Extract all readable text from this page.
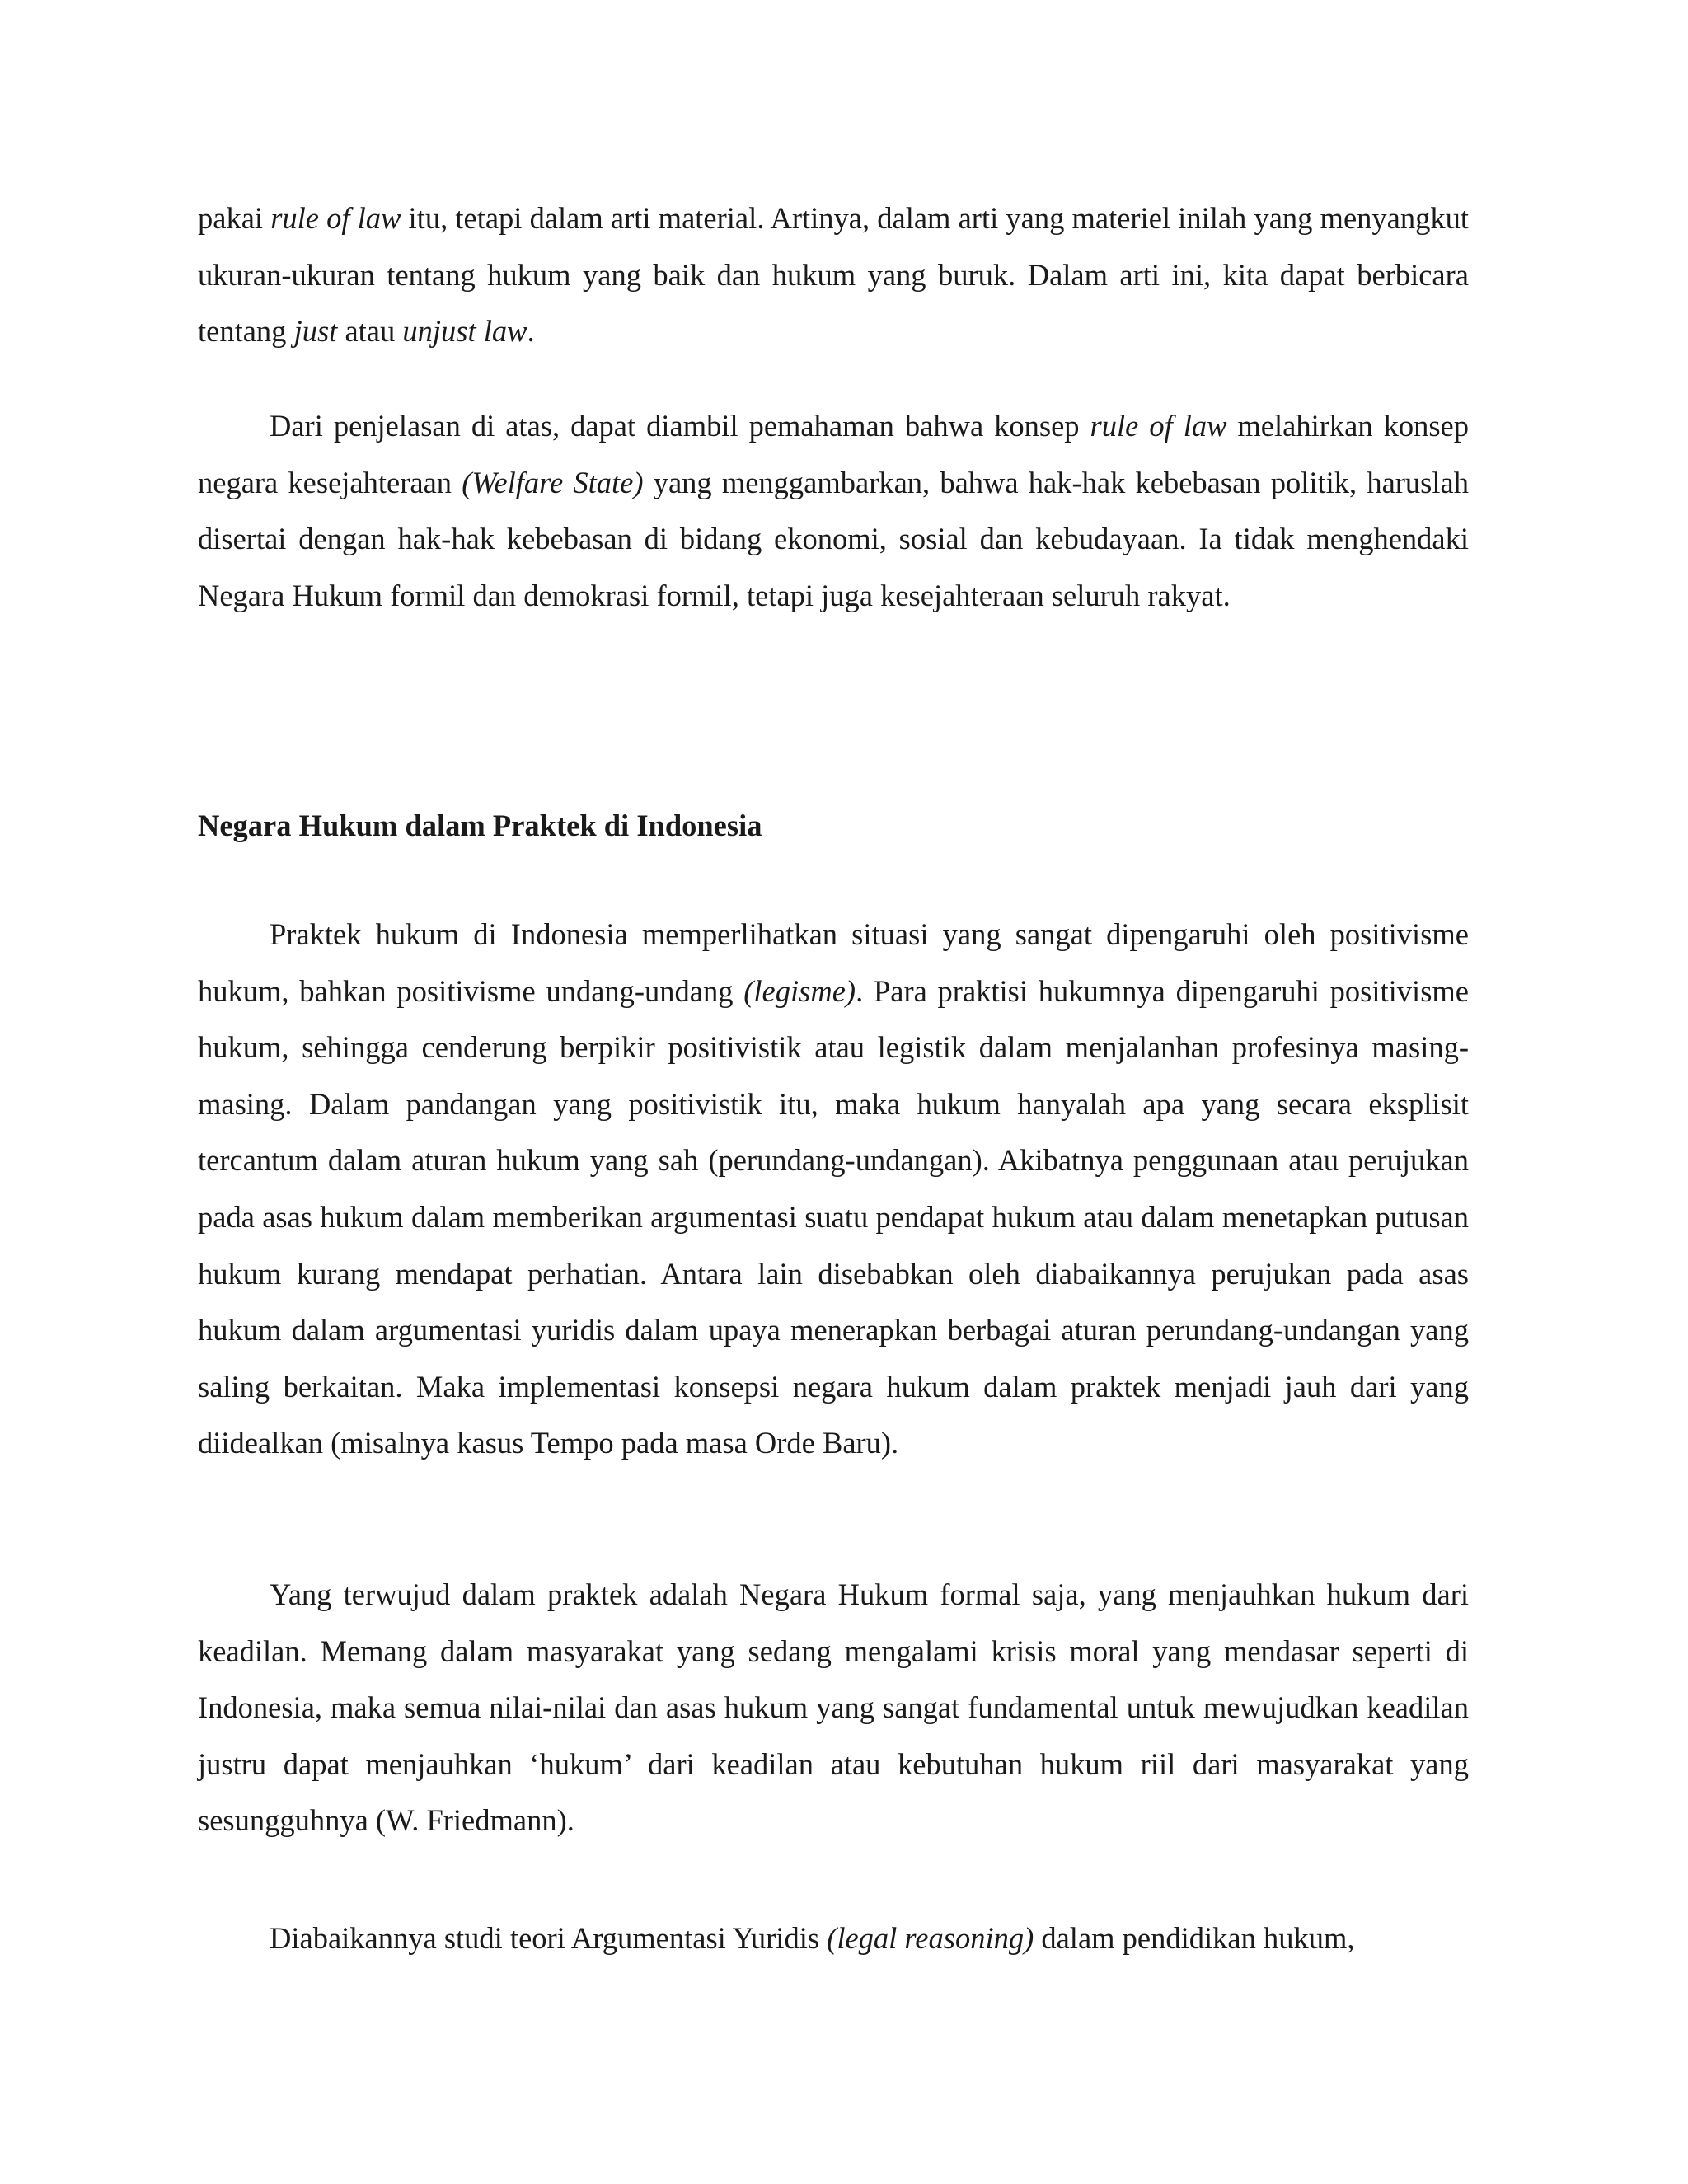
pakai rule of law itu, tetapi dalam arti material. Artinya, dalam arti yang materiel inilah yang menyangkut ukuran-ukuran tentang hukum yang baik dan hukum yang buruk. Dalam arti ini, kita dapat berbicara tentang just atau unjust law.

Dari penjelasan di atas, dapat diambil pemahaman bahwa konsep rule of law melahirkan konsep negara kesejahteraan (Welfare State) yang menggambarkan, bahwa hak-hak kebebasan politik, haruslah disertai dengan hak-hak kebebasan di bidang ekonomi, sosial dan kebudayaan. Ia tidak menghendaki Negara Hukum formil dan demokrasi formil, tetapi juga kesejahteraan seluruh rakyat.

Negara Hukum dalam Praktek di Indonesia

Praktek hukum di Indonesia memperlihatkan situasi yang sangat dipengaruhi oleh positivisme hukum, bahkan positivisme undang-undang (legisme). Para praktisi hukumnya dipengaruhi positivisme hukum, sehingga cenderung berpikir positivistik atau legistik dalam menjalanhan profesinya masing-masing. Dalam pandangan yang positivistik itu, maka hukum hanyalah apa yang secara eksplisit tercantum dalam aturan hukum yang sah (perundang-undangan). Akibatnya penggunaan atau perujukan pada asas hukum dalam memberikan argumentasi suatu pendapat hukum atau dalam menetapkan putusan hukum kurang mendapat perhatian. Antara lain disebabkan oleh diabaikannya perujukan pada asas hukum dalam argumentasi yuridis dalam upaya menerapkan berbagai aturan perundang-undangan yang saling berkaitan. Maka implementasi konsepsi negara hukum dalam praktek menjadi jauh dari yang diidealkan (misalnya kasus Tempo pada masa Orde Baru).

Yang terwujud dalam praktek adalah Negara Hukum formal saja, yang menjauhkan hukum dari keadilan. Memang dalam masyarakat yang sedang mengalami krisis moral yang mendasar seperti di Indonesia, maka semua nilai-nilai dan asas hukum yang sangat fundamental untuk mewujudkan keadilan justru dapat menjauhkan ‘hukum’ dari keadilan atau kebutuhan hukum riil dari masyarakat yang sesungguhnya (W. Friedmann).

Diabaikannya studi teori Argumentasi Yuridis (legal reasoning) dalam pendidikan hukum,
